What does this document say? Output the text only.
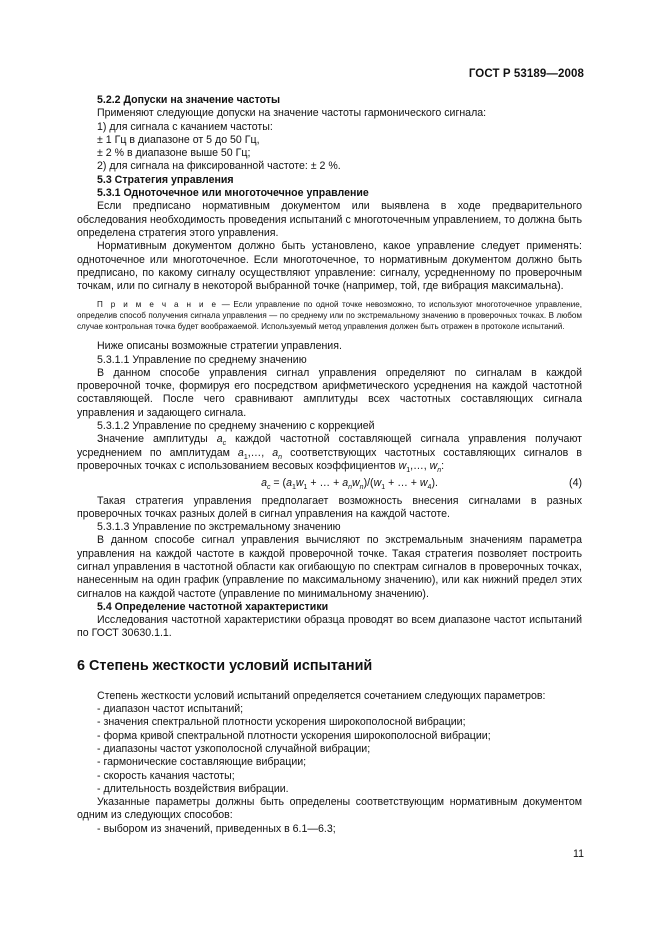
ГОСТ Р 53189—2008

5.2.2 Допуски на значение частоты

Применяют следующие допуски на значение частоты гармонического сигнала:

1) для сигнала с качанием частоты:

± 1 Гц в диапазоне от 5 до 50 Гц,

± 2 % в диапазоне выше 50 Гц;

2) для сигнала на фиксированной частоте: ± 2 %.

5.3 Стратегия управления

5.3.1 Одноточечное или многоточечное управление

Если предписано нормативным документом или выявлена в ходе предварительного обследования необходимость проведения испытаний с многоточечным управлением, то должна быть определена стратегия этого управления.

Нормативным документом должно быть установлено, какое управление следует применять: одноточечное или многоточечное. Если многоточечное, то нормативным документом должно быть предписано, по какому сигналу осуществляют управление: сигналу, усредненному по проверочным точкам, или по сигналу в некоторой выбранной точке (например, той, где вибрация максимальна).

П р и м е ч а н и е — Если управление по одной точке невозможно, то используют многоточечное управление, определив способ получения сигнала управления — по среднему или по экстремальному значению в проверочных точках. В любом случае контрольная точка будет воображаемой. Используемый метод управления должен быть отражен в протоколе испытаний.

Ниже описаны возможные стратегии управления.

5.3.1.1 Управление по среднему значению

В данном способе управления сигнал управления определяют по сигналам в каждой проверочной точке, формируя его посредством арифметического усреднения на каждой частотной составляющей. После чего сравнивают амплитуды всех частотных составляющих сигнала управления и задающего сигнала.

5.3.1.2 Управление по среднему значению с коррекцией

Значение амплитуды $a_c$ каждой частотной составляющей сигнала управления получают усреднением по амплитудам $a_1,\dots$, $a_n$ соответствующих частотных составляющих сигналов в проверочных точках с использованием весовых коэффициентов $w_1,\dots$, $w_n$:

$a_c = (a_1w_1$ + … + $a_nw_n)/(w_1$ + … + $w_4$).	(4)

Такая стратегия управления предполагает возможность внесения сигналами в разных проверочных точках разных долей в сигнал управления на каждой частоте.

5.3.1.3 Управление по экстремальному значению

В данном способе сигнал управления вычисляют по экстремальным значениям параметра управления на каждой частоте в каждой проверочной точке. Такая стратегия позволяет построить сигнал управления в частотной области как огибающую по спектрам сигналов в проверочных точках, нанесенным на один график (управление по максимальному значению), или как нижний предел этих сигналов на каждой частоте (управление по минимальному значению).

5.4 Определение частотной характеристики

Исследования частотной характеристики образца проводят во всем диапазоне частот испытаний по ГОСТ 30630.1.1.

6 Степень жесткости условий испытаний

Степень жесткости условий испытаний определяется сочетанием следующих параметров:

- диапазон частот испытаний;

- значения спектральной плотности ускорения широкополосной вибрации;

- форма кривой спектральной плотности ускорения широкополосной вибрации;

- диапазоны частот узкополосной случайной вибрации;

- гармонические составляющие вибрации;

- скорость качания частоты;

- длительность воздействия вибрации.

Указанные параметры должны быть определены соответствующим нормативным документом одним из следующих способов:

- выбором из значений, приведенных в 6.1—6.3;

11
